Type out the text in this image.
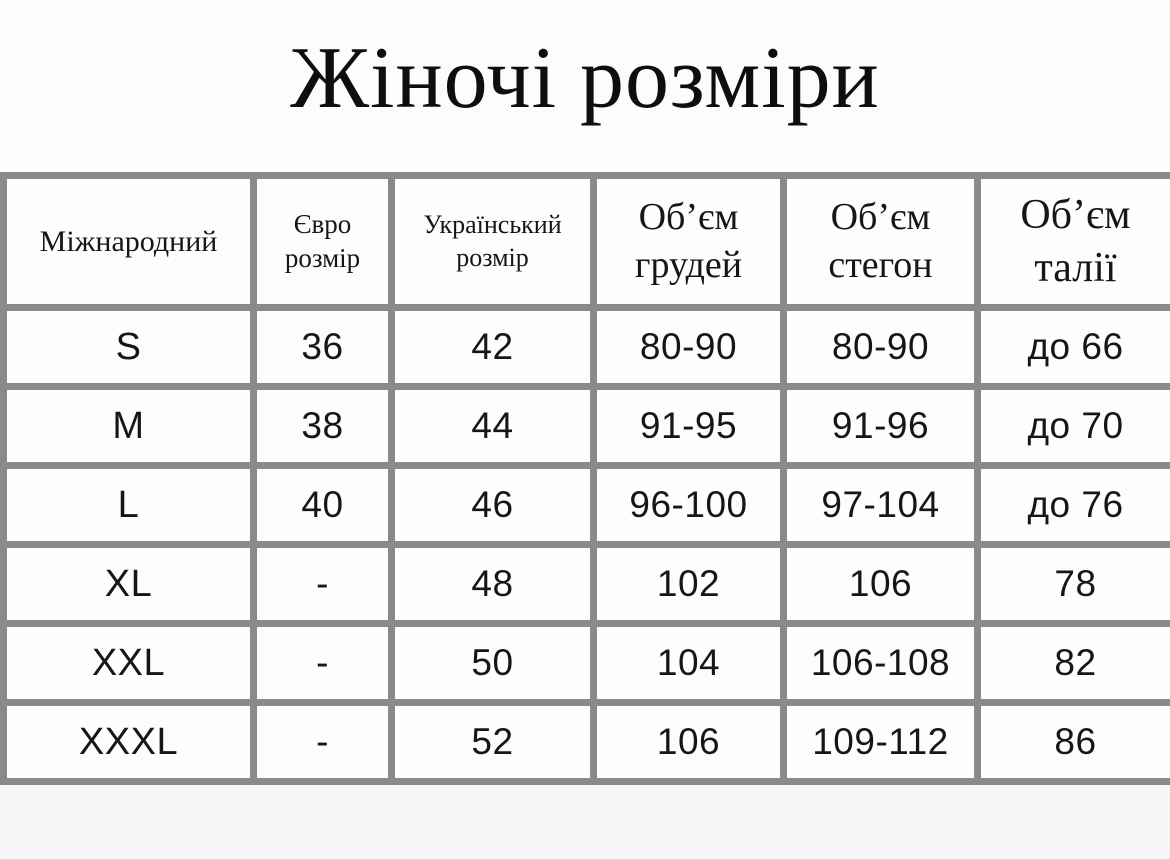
Жіночі розміри
Міжнародний	Євро розмір	Український розмір	Об’єм грудей	Об’єм стегон	Об’єм талії
S	36	42	80-90	80-90	до 66
M	38	44	91-95	91-96	до 70
L	40	46	96-100	97-104	до 76
XL	-	48	102	106	78
XXL	-	50	104	106-108	82
XXXL	-	52	106	109-112	86
